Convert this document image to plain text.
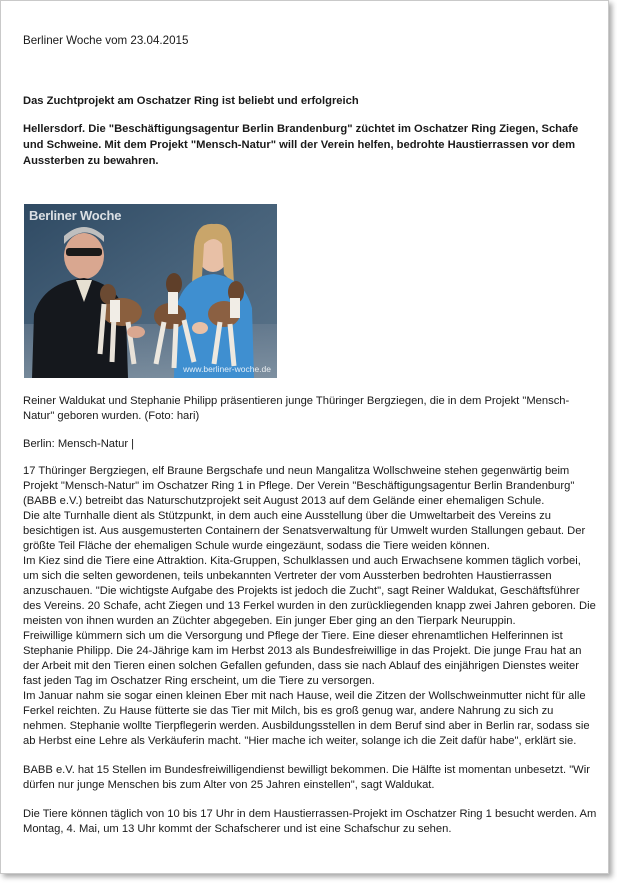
Berliner Woche vom 23.04.2015
Das Zuchtprojekt am Oschatzer Ring ist beliebt und erfolgreich
Hellersdorf. Die "Beschäftigungsagentur Berlin Brandenburg" züchtet im Oschatzer Ring Ziegen, Schafe und Schweine. Mit dem Projekt "Mensch-Natur" will der Verein helfen, bedrohte Haustierrassen vor dem Aussterben zu bewahren.
Berliner Woche
www.berliner-woche.de
Reiner Waldukat und Stephanie Philipp präsentieren junge Thüringer Bergziegen, die in dem Projekt "Mensch-Natur" geboren wurden. (Foto: hari)
Berlin: Mensch-Natur |

17 Thüringer Bergziegen, elf Braune Bergschafe und neun Mangalitza Wollschweine stehen gegenwärtig beim Projekt "Mensch-Natur" im Oschatzer Ring 1 in Pflege. Der Verein "Beschäftigungsagentur Berlin Brandenburg" (BABB e.V.) betreibt das Naturschutzprojekt seit August 2013 auf dem Gelände einer ehemaligen Schule.

Die alte Turnhalle dient als Stützpunkt, in dem auch eine Ausstellung über die Umweltarbeit des Vereins zu besichtigen ist. Aus ausgemusterten Containern der Senatsverwaltung für Umwelt wurden Stallungen gebaut. Der größte Teil Fläche der ehemaligen Schule wurde eingezäunt, sodass die Tiere weiden können.

Im Kiez sind die Tiere eine Attraktion. Kita-Gruppen, Schulklassen und auch Erwachsene kommen täglich vorbei, um sich die selten gewordenen, teils unbekannten Vertreter der vom Aussterben bedrohten Haustierrassen anzuschauen. "Die wichtigste Aufgabe des Projekts ist jedoch die Zucht", sagt Reiner Waldukat, Geschäftsführer des Vereins. 20 Schafe, acht Ziegen und 13 Ferkel wurden in den zurückliegenden knapp zwei Jahren geboren. Die meisten von ihnen wurden an Züchter abgegeben. Ein junger Eber ging an den Tierpark Neuruppin.

Freiwillige kümmern sich um die Versorgung und Pflege der Tiere. Eine dieser ehrenamtlichen Helferinnen ist Stephanie Philipp. Die 24-Jährige kam im Herbst 2013 als Bundesfreiwillige in das Projekt. Die junge Frau hat an der Arbeit mit den Tieren einen solchen Gefallen gefunden, dass sie nach Ablauf des einjährigen Dienstes weiter fast jeden Tag im Oschatzer Ring erscheint, um die Tiere zu versorgen.

Im Januar nahm sie sogar einen kleinen Eber mit nach Hause, weil die Zitzen der Wollschweinmutter nicht für alle Ferkel reichten. Zu Hause fütterte sie das Tier mit Milch, bis es groß genug war, andere Nahrung zu sich zu nehmen. Stephanie wollte Tierpflegerin werden. Ausbildungsstellen in dem Beruf sind aber in Berlin rar, sodass sie ab Herbst eine Lehre als Verkäuferin macht. "Hier mache ich weiter, solange ich die Zeit dafür habe", erklärt sie.

BABB e.V. hat 15 Stellen im Bundesfreiwilligendienst bewilligt bekommen. Die Hälfte ist momentan unbesetzt. "Wir dürfen nur junge Menschen bis zum Alter von 25 Jahren einstellen", sagt Waldukat.

Die Tiere können täglich von 10 bis 17 Uhr in dem Haustierrassen-Projekt im Oschatzer Ring 1 besucht werden. Am Montag, 4. Mai, um 13 Uhr kommt der Schafscherer und ist eine Schafschur zu sehen.
